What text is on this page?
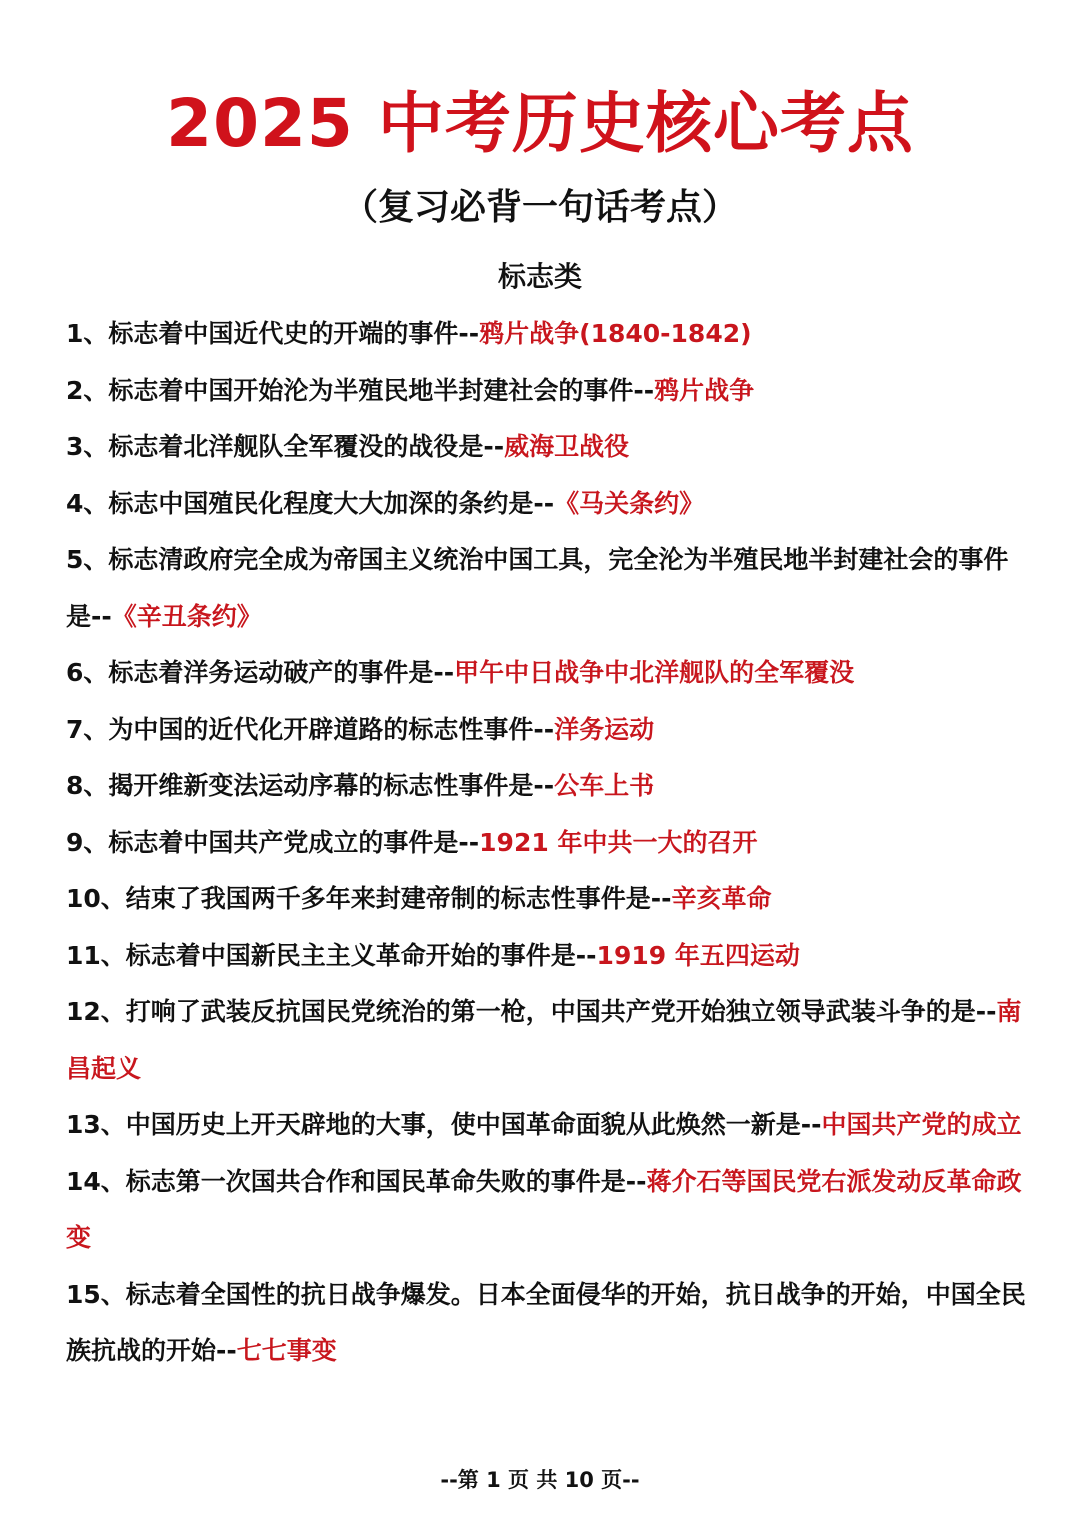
2025 中考历史核心考点
（复习必背一句话考点）
标志类

1、标志着中国近代史的开端的事件--鸦片战争(1840-1842)

2、标志着中国开始沦为半殖民地半封建社会的事件--鸦片战争

3、标志着北洋舰队全军覆没的战役是--威海卫战役

4、标志中国殖民化程度大大加深的条约是--《马关条约》

5、标志清政府完全成为帝国主义统治中国工具，完全沦为半殖民地半封建社会的事件是--《辛丑条约》

6、标志着洋务运动破产的事件是--甲午中日战争中北洋舰队的全军覆没

7、为中国的近代化开辟道路的标志性事件--洋务运动

8、揭开维新变法运动序幕的标志性事件是--公车上书

9、标志着中国共产党成立的事件是--1921 年中共一大的召开

10、结束了我国两千多年来封建帝制的标志性事件是--辛亥革命

11、标志着中国新民主主义革命开始的事件是--1919 年五四运动

12、打响了武装反抗国民党统治的第一枪，中国共产党开始独立领导武装斗争的是--南昌起义

13、中国历史上开天辟地的大事，使中国革命面貌从此焕然一新是--中国共产党的成立

14、标志第一次国共合作和国民革命失败的事件是--蒋介石等国民党右派发动反革命政变

15、标志着全国性的抗日战争爆发。日本全面侵华的开始，抗日战争的开始，中国全民族抗战的开始--七七事变

--第 1 页 共 10 页--
